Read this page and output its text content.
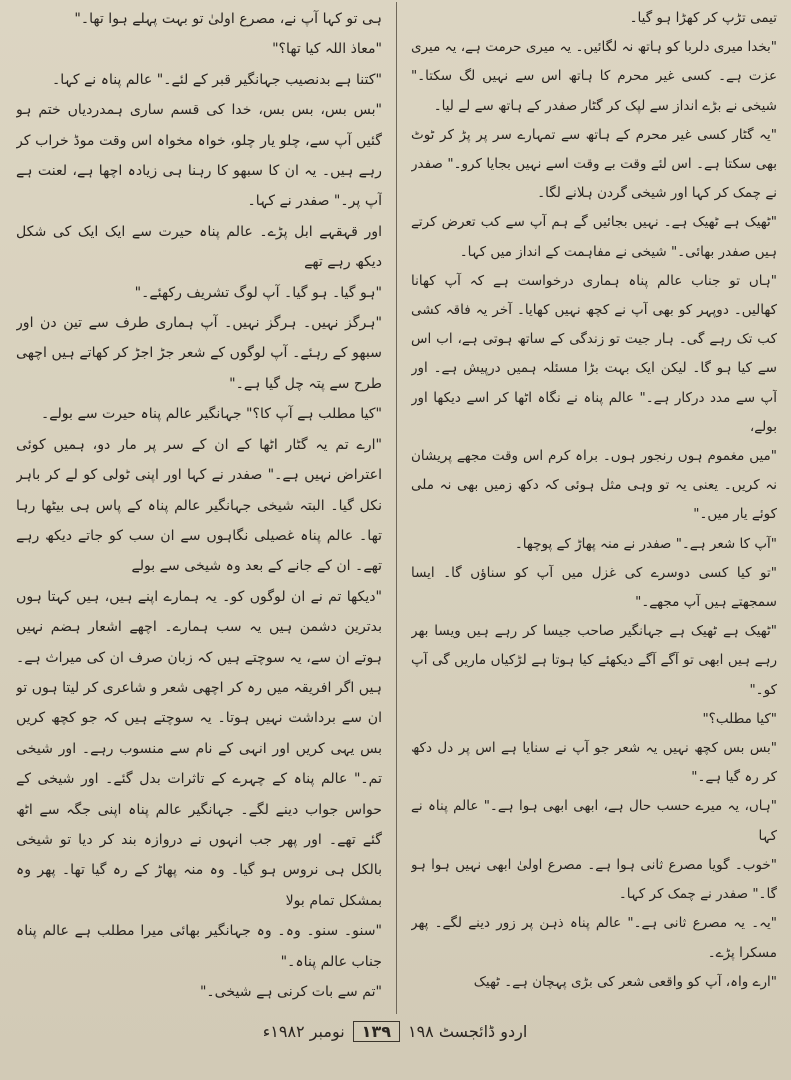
تیمی تڑپ کر کھڑا ہو گیا۔

"بخدا میری دلربا کو ہاتھ نہ لگائیں۔ یہ میری حرمت ہے، یہ میری عزت ہے۔ کسی غیر محرم کا ہاتھ اس سے نہیں لگ سکتا۔" شیخی نے بڑے انداز سے لپک کر گٹار صفدر کے ہاتھ سے لے لیا۔

"یہ گٹار کسی غیر محرم کے ہاتھ سے تمہارے سر پر پڑ کر ٹوٹ بھی سکتا ہے۔ اس لئے وقت بے وقت اسے نہیں بجایا کرو۔" صفدر نے چمک کر کہا اور شیخی گردن ہلانے لگا۔

"ٹھیک ہے ٹھیک ہے۔ نہیں بجائیں گے ہم آپ سے کب تعرض کرتے ہیں صفدر بھائی۔" شیخی نے مفاہمت کے انداز میں کہا۔

"ہاں تو جناب عالم پناہ ہماری درخواست ہے کہ آپ کھانا کھالیں۔ دوپہر کو بھی آپ نے کچھ نہیں کھایا۔ آخر یہ فاقہ کشی کب تک رہے گی۔ ہار جیت تو زندگی کے ساتھ ہوتی ہے، اب اس سے کیا ہو گا۔ لیکن ایک بہت بڑا مسئلہ ہمیں درپیش ہے۔ اور آپ سے مدد درکار ہے۔" عالم پناہ نے نگاہ اٹھا کر اسے دیکھا اور بولے،

"میں مغموم ہوں رنجور ہوں۔ براہ کرم اس وقت مجھے پریشان نہ کریں۔ یعنی یہ تو وہی مثل ہوئی کہ دکھ زمیں بھی نہ ملی کوئے یار میں۔"

"آپ کا شعر ہے۔" صفدر نے منہ پھاڑ کے پوچھا۔

"تو کیا کسی دوسرے کی غزل میں آپ کو سناؤں گا۔ ایسا سمجھتے ہیں آپ مجھے۔"

"ٹھیک ہے ٹھیک ہے جہانگیر صاحب جیسا کر رہے ہیں ویسا بھر رہے ہیں ابھی تو آگے آگے دیکھئے کیا ہوتا ہے لڑکیاں ماریں گی آپ کو۔"

"کیا مطلب؟"

"بس بس کچھ نہیں یہ شعر جو آپ نے سنایا ہے اس پر دل دکھ کر رہ گیا ہے۔"

"ہاں، یہ میرے حسب حال ہے، ابھی ابھی ہوا ہے۔" عالم پناہ نے کہا

"خوب۔ گویا مصرع ثانی ہوا ہے۔ مصرع اولیٰ ابھی نہیں ہوا ہو گا۔" صفدر نے چمک کر کہا۔

"یہ۔ یہ مصرع ثانی ہے۔" عالم پناہ ذہن پر زور دینے لگے۔ پھر مسکرا پڑے۔

"ارے واہ، آپ کو واقعی شعر کی بڑی پہچان ہے۔ ٹھیک

ہی تو کہا آپ نے، مصرع اولیٰ تو بہت پہلے ہوا تھا۔"

"معاذ اللہ کیا تھا؟"

"کتنا ہے بدنصیب جہانگیر قبر کے لئے۔" عالم پناہ نے کہا۔

"بس بس، بس بس، خدا کی قسم ساری ہمدردیاں ختم ہو گئیں آپ سے، چلو یار چلو، خواہ مخواہ اس وقت موڈ خراب کر رہے ہیں۔ یہ ان کا سبھو کا رہنا ہی زیادہ اچھا ہے، لعنت ہے آپ پر۔" صفدر نے کہا۔

اور قہقہے ابل پڑے۔ عالم پناہ حیرت سے ایک ایک کی شکل دیکھ رہے تھے

"ہو گیا۔ ہو گیا۔ آپ لوگ تشریف رکھئے۔"

"ہرگز نہیں۔ ہرگز نہیں۔ آپ ہماری طرف سے تین دن اور سبھو کے رہئے۔ آپ لوگوں کے شعر جڑ اجڑ کر کھاتے ہیں اچھی طرح سے پتہ چل گیا ہے۔"

"کیا مطلب ہے آپ کا؟" جہانگیر عالم پناہ حیرت سے بولے۔

"ارے تم یہ گٹار اٹھا کے ان کے سر پر مار دو، ہمیں کوئی اعتراض نہیں ہے۔" صفدر نے کہا اور اپنی ٹولی کو لے کر باہر نکل گیا۔ البتہ شیخی جہانگیر عالم پناہ کے پاس ہی بیٹھا رہا تھا۔ عالم پناہ غصیلی نگاہوں سے ان سب کو جاتے دیکھ رہے تھے۔ ان کے جانے کے بعد وہ شیخی سے بولے

"دیکھا تم نے ان لوگوں کو۔ یہ ہمارے اپنے ہیں، ہیں کہتا ہوں بدترین دشمن ہیں یہ سب ہمارے۔ اچھے اشعار ہضم نہیں ہوتے ان سے، یہ سوچتے ہیں کہ زبان صرف ان کی میراث ہے۔ ہیں اگر افریقہ میں رہ کر اچھی شعر و شاعری کر لیتا ہوں تو ان سے برداشت نہیں ہوتا۔ یہ سوچتے ہیں کہ جو کچھ کریں بس یہی کریں اور انہی کے نام سے منسوب رہے۔ اور شیخی تم۔" عالم پناہ کے چہرے کے تاثرات بدل گئے۔ اور شیخی کے حواس جواب دینے لگے۔ جہانگیر عالم پناہ اپنی جگہ سے اٹھ گئے تھے۔ اور پھر جب انہوں نے دروازہ بند کر دیا تو شیخی بالکل ہی نروس ہو گیا۔ وہ منہ پھاڑ کے رہ گیا تھا۔ پھر وہ بمشکل تمام بولا

"سنو۔ سنو۔ وہ۔ وہ جہانگیر بھائی میرا مطلب ہے عالم پناہ جناب عالم پناہ۔"

"تم سے بات کرنی ہے شیخی۔"

اردو ڈائجسٹ ۱۹۸
۱۳۹
نومبر ۱۹۸۲ء
